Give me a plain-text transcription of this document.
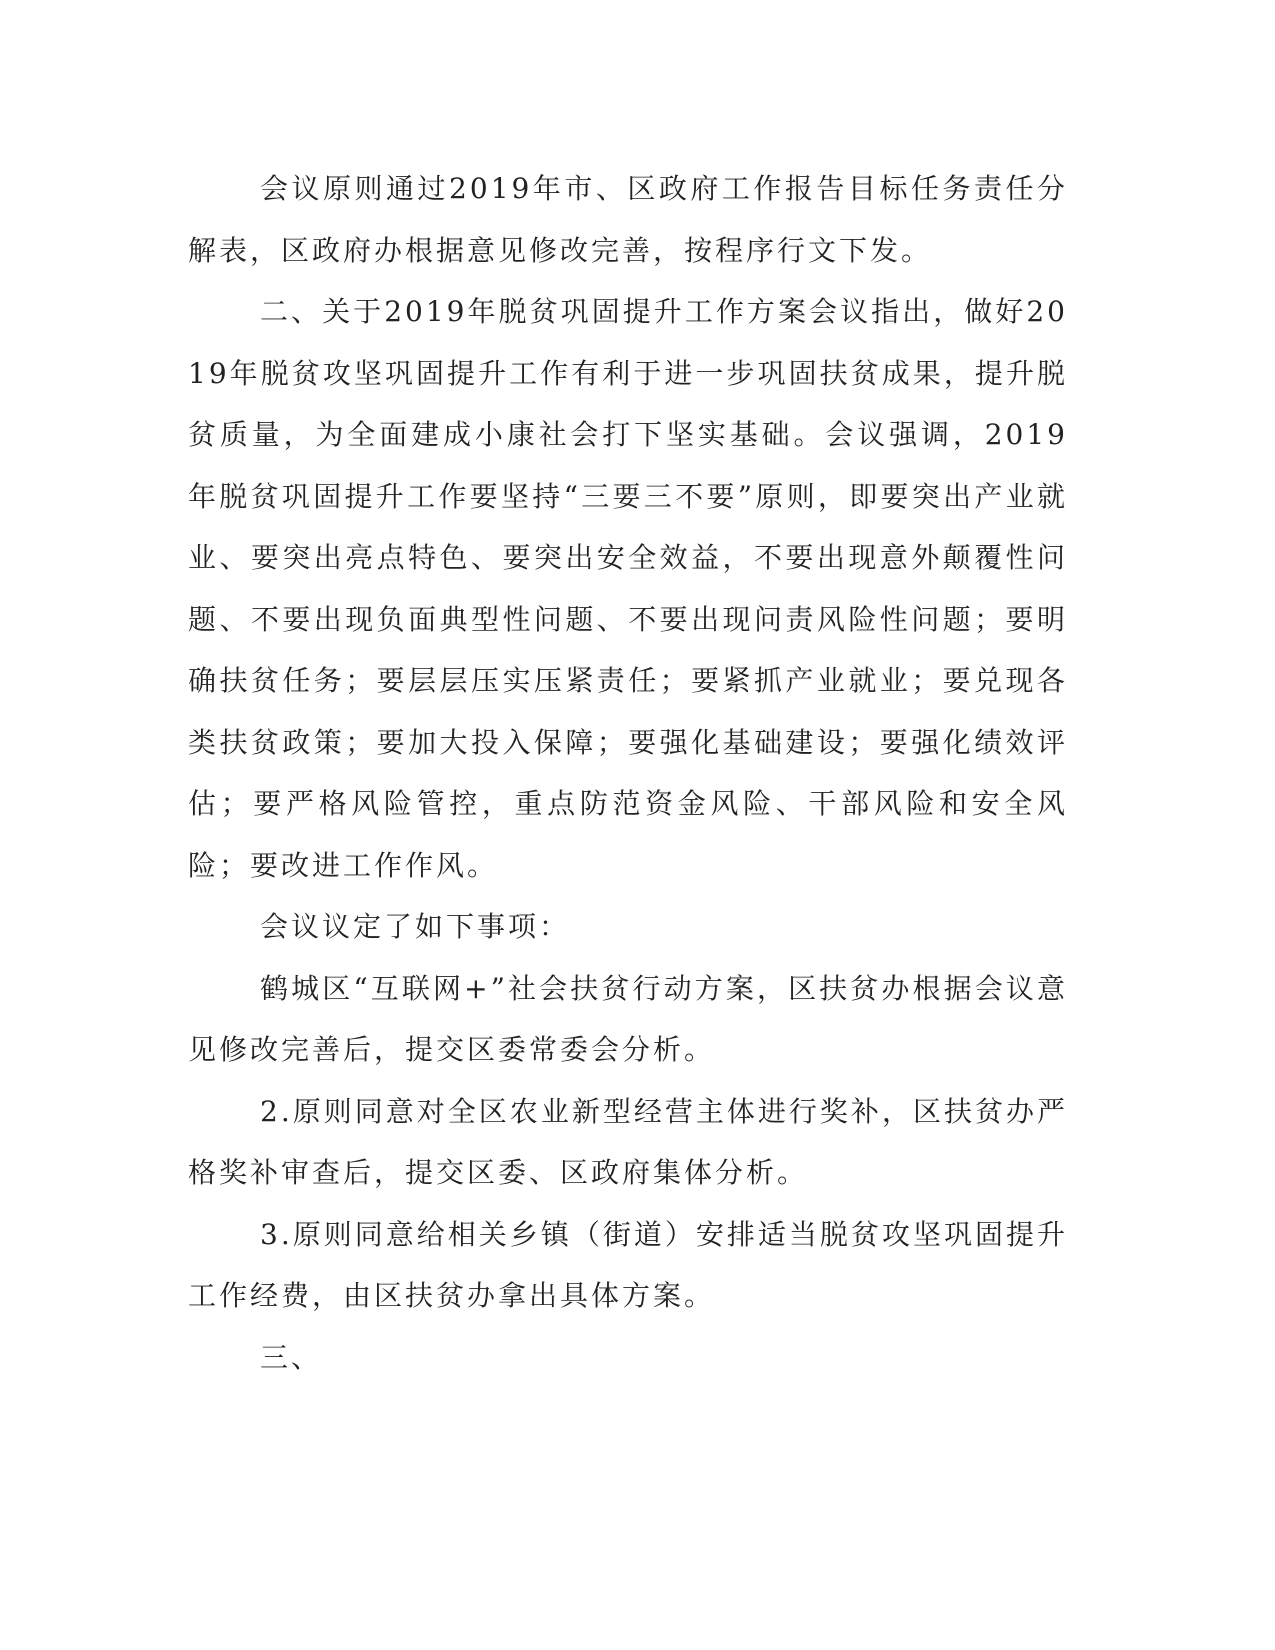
会议原则通过2019年市、区政府工作报告目标任务责任分解表，区政府办根据意见修改完善，按程序行文下发。

二、关于2019年脱贫巩固提升工作方案会议指出，做好2019年脱贫攻坚巩固提升工作有利于进一步巩固扶贫成果，提升脱贫质量，为全面建成小康社会打下坚实基础。会议强调，2019年脱贫巩固提升工作要坚持“三要三不要”原则，即要突出产业就业、要突出亮点特色、要突出安全效益，不要出现意外颠覆性问题、不要出现负面典型性问题、不要出现问责风险性问题；要明确扶贫任务；要层层压实压紧责任；要紧抓产业就业；要兑现各类扶贫政策；要加大投入保障；要强化基础建设；要强化绩效评估；要严格风险管控，重点防范资金风险、干部风险和安全风险；要改进工作作风。

会议议定了如下事项：

鹤城区“互联网+”社会扶贫行动方案，区扶贫办根据会议意见修改完善后，提交区委常委会分析。

2.原则同意对全区农业新型经营主体进行奖补，区扶贫办严格奖补审查后，提交区委、区政府集体分析。

3.原则同意给相关乡镇（街道）安排适当脱贫攻坚巩固提升工作经费，由区扶贫办拿出具体方案。

三、
